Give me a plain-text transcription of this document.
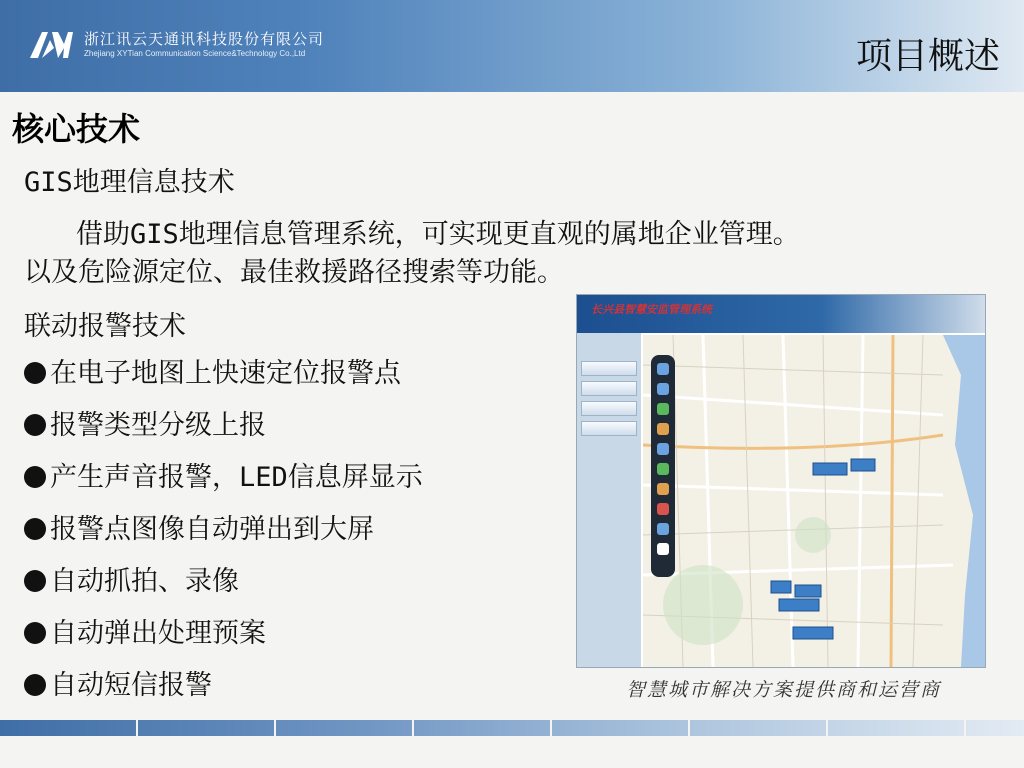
浙江讯云天通讯科技股份有限公司
Zhejiang XYTian Communication Science&Technology Co.,Ltd	项目概述
核心技术
GIS地理信息技术
借助GIS地理信息管理系统，可实现更直观的属地企业管理。
以及危险源定位、最佳救援路径搜索等功能。
联动报警技术
在电子地图上快速定位报警点
报警类型分级上报
产生声音报警，LED信息屏显示
报警点图像自动弹出到大屏
自动抓拍、录像
自动弹出处理预案
自动短信报警
长兴县智慧安监管理系统
智慧城市解决方案提供商和运营商
